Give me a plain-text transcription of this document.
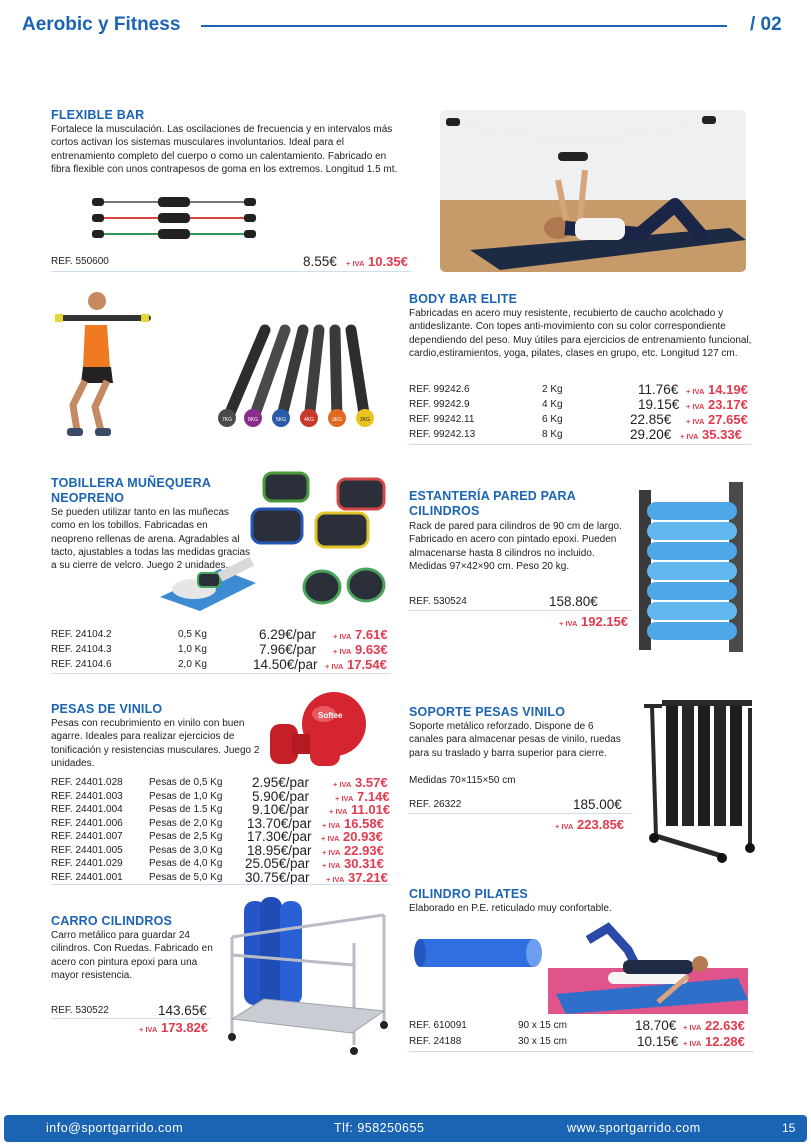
Aerobic y Fitness	/ 02
FLEXIBLE BAR
Fortalece la musculación. Las oscilaciones de frecuencia y en intervalos más cortos activan los sistemas musculares involuntarios. Ideal para el entrenamiento completo del cuerpo o como un calentamiento. Fabricado en fibra flexible con unos contrapesos de goma en los extremos. Longitud 1.5 mt.
REF. 550600	8.55€ + IVA 10.35€
7KG	8KG	5KG	4KG	3KG	2KG
BODY BAR ELITE
Fabricadas en acero muy resistente, recubierto de caucho acolchado y antideslizante. Con topes anti-movimiento con su color correspondiente dependiendo del peso. Muy útiles para ejercicios de entrenamiento funcional, cardio,estiramientos, yoga, pilates, clases en grupo, etc. Longitud 127 cm.
REF. 99242.6	2 Kg	11.76€ + IVA 14.19€
REF. 99242.9	4 Kg	19.15€ + IVA 23.17€
REF. 99242.11	6 Kg	22.85€ + IVA 27.65€
REF. 99242.13	8 Kg	29.20€ + IVA 35.33€
TOBILLERA MUÑEQUERA
NEOPRENO
Se pueden utilizar tanto en las muñecas como en los tobillos. Fabricadas en neopreno rellenas de arena. Agradables al tacto, ajustables a todas las medidas gracias a su cierre de velcro. Juego 2 unidades.
REF. 24104.2	0,5 Kg	6.29€/par + IVA 7.61€
REF. 24104.3	1,0 Kg	7.96€/par + IVA 9.63€
REF. 24104.6	2,0 Kg	14.50€/par + IVA 17.54€
ESTANTERÍA PARED PARA
CILINDROS
Rack de pared para cilindros de 90 cm de largo. Fabricado en acero con pintado epoxi. Pueden almacenarse hasta 8 cilindros no incluido. Medidas 97×42×90 cm. Peso 20 kg.
REF. 530524	158.80€
+ IVA 192.15€
PESAS DE VINILO
Pesas con recubrimiento en vinilo con buen agarre. Ideales para realizar ejercicios de tonificación y resistencias musculares. Juego 2 unidades.
Softee
REF. 24401.028	Pesas de 0,5 Kg 2.95€/par	+ IVA 3.57€
REF. 24401.003	Pesas de 1,0 Kg 5.90€/par	+ IVA 7.14€
REF. 24401.004	Pesas de 1.5 Kg 9.10€/par	+ IVA 11.01€
REF. 24401.006	Pesas de 2,0 Kg 13.70€/par + IVA 16.58€
REF. 24401.007	Pesas de 2,5 Kg 17.30€/par + IVA 20.93€
REF. 24401.005	Pesas de 3,0 Kg 18.95€/par + IVA 22.93€
REF. 24401.029	Pesas de 4,0 Kg 25.05€/par + IVA 30.31€
REF. 24401.001	Pesas de 5,0 Kg 30.75€/par + IVA 37.21€
SOPORTE PESAS VINILO
Soporte metálico reforzado. Dispone de 6 canales para almacenar pesas de vinilo, ruedas para su traslado y barra superior para cierre.
Medidas 70×115×50 cm
REF. 26322	185.00€
+ IVA 223.85€
CILINDRO PILATES
Elaborado en P.E. reticulado muy confortable.
REF. 610091	90 x 15 cm	18.70€ + IVA 22.63€
REF. 24188	30 x 15 cm	10.15€ + IVA 12.28€
CARRO CILINDROS
Carro metálico para guardar 24 cilindros. Con Ruedas. Fabricado en acero con pintura epoxi para una mayor resistencia.
REF. 530522	143.65€
+ IVA 173.82€
info@sportgarrido.com	Tlf: 958250655	www.sportgarrido.com	15
